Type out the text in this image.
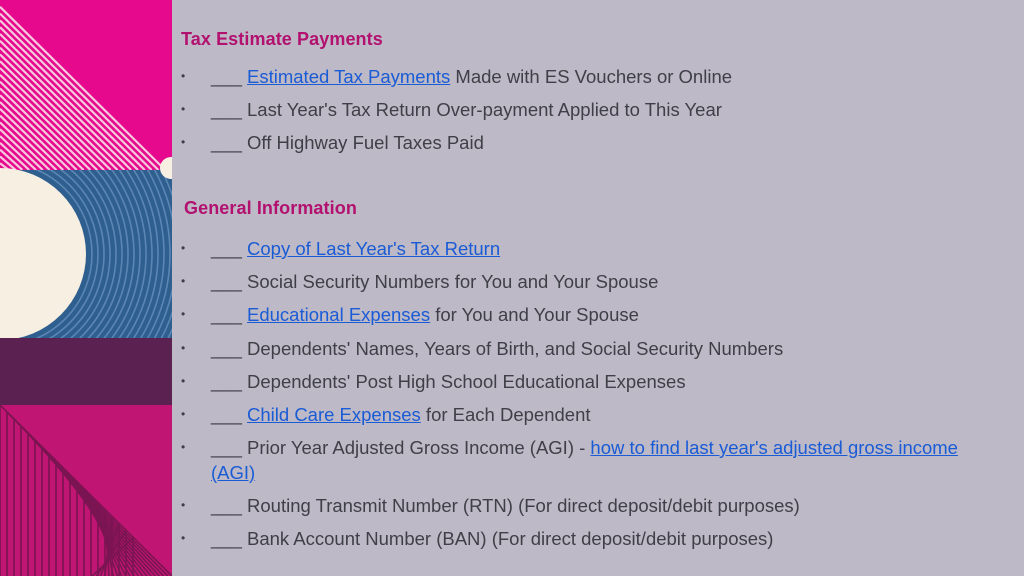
Tax Estimate Payments
•	___ Estimated Tax Payments Made with ES Vouchers or Online
•	___ Last Year's Tax Return Over-payment Applied to This Year
•	___ Off Highway Fuel Taxes Paid
General Information
•	___ Copy of Last Year's Tax Return
•	___ Social Security Numbers for You and Your Spouse
•	___ Educational Expenses for You and Your Spouse
•	___ Dependents' Names, Years of Birth, and Social Security Numbers
•	___ Dependents' Post High School Educational Expenses
•	___ Child Care Expenses for Each Dependent
•	___ Prior Year Adjusted Gross Income (AGI) - how to find last year's adjusted gross income (AGI)
•	___ Routing Transmit Number (RTN) (For direct deposit/debit purposes)
•	___ Bank Account Number (BAN) (For direct deposit/debit purposes)
